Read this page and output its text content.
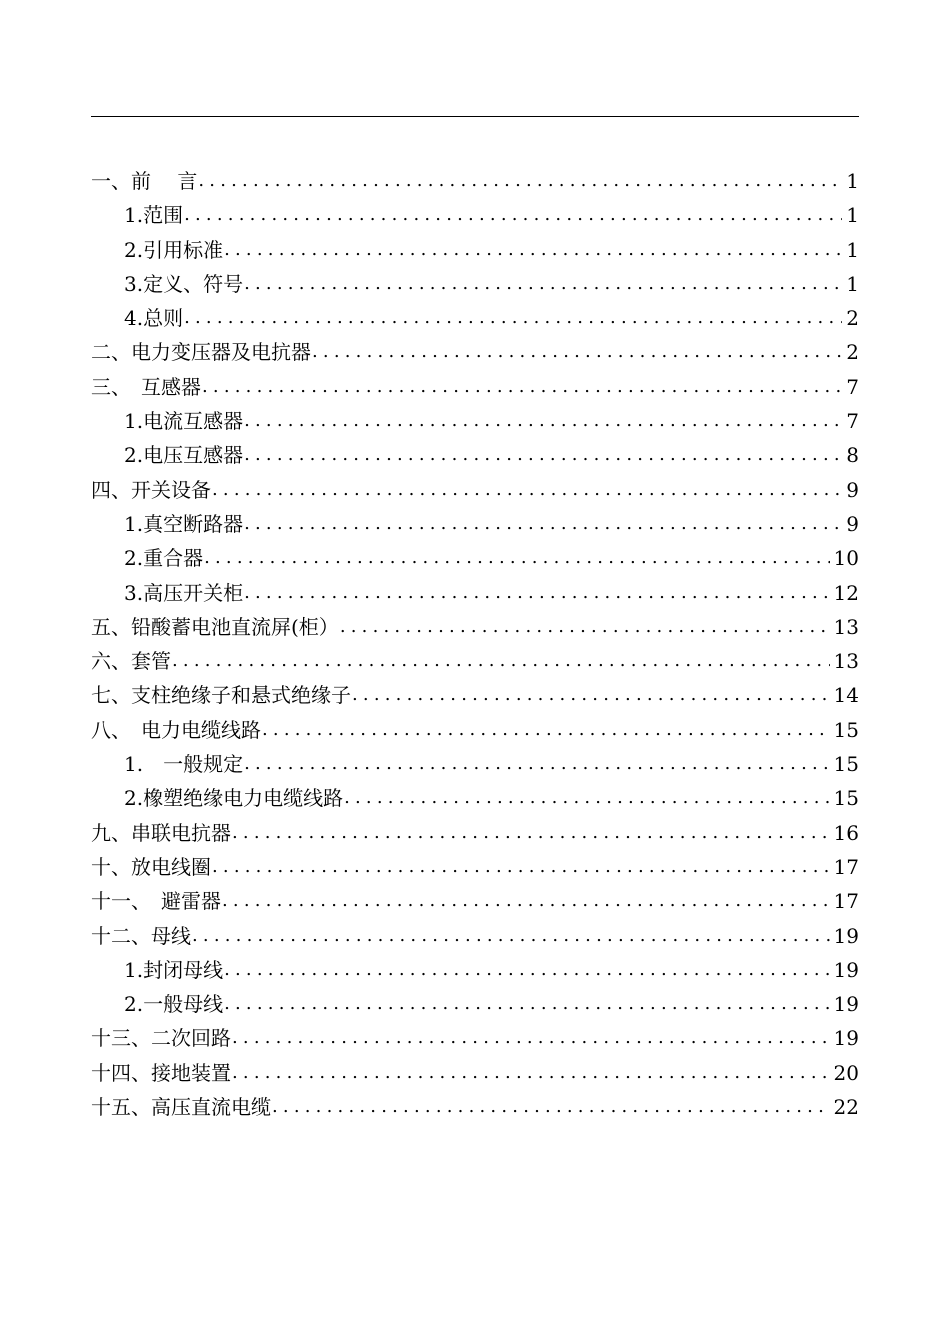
一、前　 言 .....	1
1.范围 .....	1
2.引用标准 .....	1
3.定义、符号 .....	1
4.总则 .....	2
二、电力变压器及电抗器 .....	2
三、　互感器 .....	7
1.电流互感器 .....	7
2.电压互感器 .....	8
四、开关设备 .....	9
1.真空断路器 .....	9
2.重合器 .....	10
3.高压开关柜 .....	12
五、铅酸蓄电池直流屏(柜） .....	13
六、套管 .....	13
七、支柱绝缘子和悬式绝缘子 .....	14
八、　电力电缆线路 .....	15
1.　一般规定 .....	15
2.橡塑绝缘电力电缆线路 .....	15
九、串联电抗器 .....	16
十、放电线圈 .....	17
十一、　避雷器 .....	17
十二、母线 .....	19
1.封闭母线 .....	19
2.一般母线 .....	19
十三、二次回路 .....	19
十四、接地装置 .....	20
十五、高压直流电缆 .....	22
